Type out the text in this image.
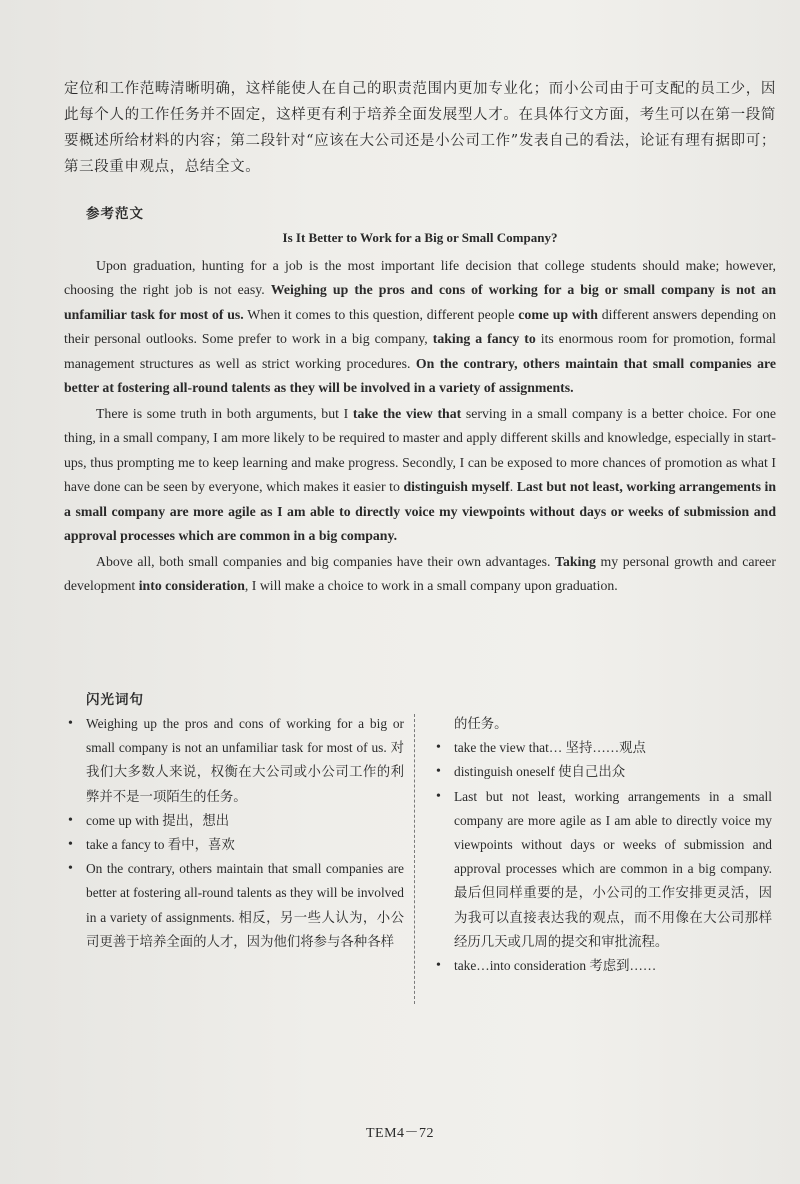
定位和工作范畴清晰明确，这样能使人在自己的职责范围内更加专业化；而小公司由于可支配的员工少，因此每个人的工作任务并不固定，这样更有利于培养全面发展型人才。在具体行文方面，考生可以在第一段简要概述所给材料的内容；第二段针对“应该在大公司还是小公司工作”发表自己的看法，论证有理有据即可；第三段重申观点，总结全文。
参考范文
Is It Better to Work for a Big or Small Company?

Upon graduation, hunting for a job is the most important life decision that college students should make; however, choosing the right job is not easy. Weighing up the pros and cons of working for a big or small company is not an unfamiliar task for most of us. When it comes to this question, different people come up with different answers depending on their personal outlooks. Some prefer to work in a big company, taking a fancy to its enormous room for promotion, formal management structures as well as strict working procedures. On the contrary, others maintain that small companies are better at fostering all-round talents as they will be involved in a variety of assignments.

There is some truth in both arguments, but I take the view that serving in a small company is a better choice. For one thing, in a small company, I am more likely to be required to master and apply different skills and knowledge, especially in start-ups, thus prompting me to keep learning and make progress. Secondly, I can be exposed to more chances of promotion as what I have done can be seen by everyone, which makes it easier to distinguish myself. Last but not least, working arrangements in a small company are more agile as I am able to directly voice my viewpoints without days or weeks of submission and approval processes which are common in a big company.

Above all, both small companies and big companies have their own advantages. Taking my personal growth and career development into consideration, I will make a choice to work in a small company upon graduation.

闪光词句
• Weighing up the pros and cons of working for a big or small company is not an unfamiliar task for most of us. 对我们大多数人来说，权衡在大公司或小公司工作的利弊并不是一项陌生的任务。
• come up with 提出，想出
• take a fancy to 看中，喜欢
• On the contrary, others maintain that small companies are better at fostering all-round talents as they will be involved in a variety of assignments. 相反，另一些人认为，小公司更善于培养全面的人才，因为他们将参与各种各样
的任务。
• take the view that… 坚持……观点
• distinguish oneself 使自己出众
• Last but not least, working arrangements in a small company are more agile as I am able to directly voice my viewpoints without days or weeks of submission and approval processes which are common in a big company. 最后但同样重要的是，小公司的工作安排更灵活，因为我可以直接表达我的观点，而不用像在大公司那样经历几天或几周的提交和审批流程。
• take…into consideration 考虑到……
TEM4－72
